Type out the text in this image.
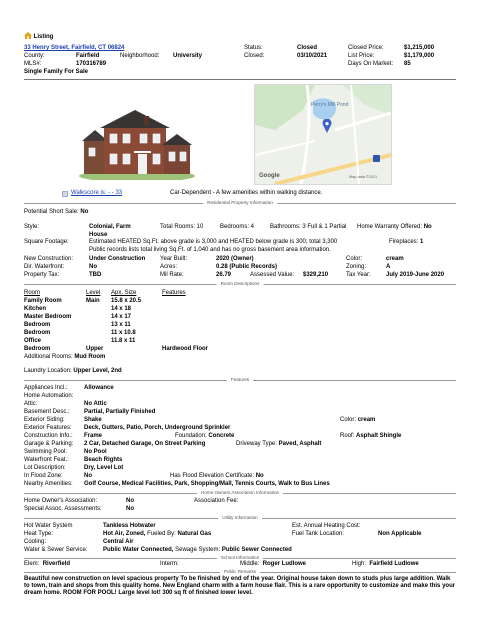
Listing
33 Henry Street, Fairfield, CT 06824
County:	Fairfield	Neighborhood: University
MLS#:	170316789
Single Family For Sale
Status:	Closed
Closed:	03/10/2021
Closed Price:	$1,215,000
List Price:	$1,179,000
Days On Market: 85
Perry's Mill Pond
Google	Map data ©2021
Walkscore is: - - 33	Car-Dependent - A few amenities within walking distance.
Residential Property Information
Potential Short Sale: No
Style:	Colonial, Farm House
Total Rooms: 10	Bedrooms: 4	Bathrooms: 3 Full & 1 Partial Home Warranty Offered: No
Square Footage:	Estimated HEATED Sq.Ft. above grade is 3,000 and HEATED below grade is 300; total 3,300
Public records lists total living Sq.Ft. of 1,040 and has no gross basement area information.
Fireplaces: 1
New Construction:	Under Construction Year Built:	2020 (Owner)	Color:	cream
Dir. Waterfront:	No	Acres:	0.28 (Public Records)	Zoning:	A
Property Tax:	TBD	Mil Rate:	26.79	Assessed Value: $329,210	Tax Year:	July 2019-June 2020
Room Descriptions
Room	Level Apx. Size	Features
Family Room	Main 15.8 x 20.5
Kitchen	14 x 18
Master Bedroom	14 x 17
Bedroom	13 x 11
Bedroom	11 x 10.8
Office	11.8 x 11
Bedroom	Upper	Hardwood Floor
Additional Rooms: Mud Room
Laundry Location: Upper Level, 2nd
Features
Appliances Incl.:	Allowance
Home Automation:
Attic:	No Attic
Basement Desc.: Partial, Partially Finished
Exterior Siding:	Shake	Color: cream
Exterior Features: Deck, Gutters, Patio, Porch, Underground Sprinkler
Construction Info.: Frame	Foundation: Concrete	Roof: Asphalt Shingle
Garage & Parking: 2 Car, Detached Garage, On Street Parking	Driveway Type: Paved, Asphalt
Swimming Pool:	No Pool
Waterfront Feat.:	Beach Rights
Lot Description:	Dry, Level Lot
In Flood Zone:	No	Has Flood Elevation Certificate: No
Nearby Amenities: Golf Course, Medical Facilities, Park, Shopping/Mall, Tennis Courts, Walk to Bus Lines
Home Owners Association Information
Home Owner's Association:	No	Association Fee:
Special Assoc. Assessments:	No
Utility Information
Hot Water System	Tankless Hotwater	Est. Annual Heating Cost:
Heat Type:	Hot Air, Zoned, Fueled By: Natural Gas	Fuel Tank Location:	Non Applicable
Cooling:	Central Air
Water & Sewer Service:	Public Water Connected, Sewage System: Public Sewer Connected
School Information
Elem: Riverfield	Interm:	Middle: Roger Ludlowe	High: Fairfield Ludlowe
Public Remarks
Beautiful new construction on level spacious property To be finished by end of the year. Original house taken down to studs plus large addition. Walk to town, train and shops from this quality home. New England charm with a farm house flair. This is a rare opportunity to customize and make this your dream home. ROOM FOR POOL! Large level lot! 300 sq ft of finished lower level.
